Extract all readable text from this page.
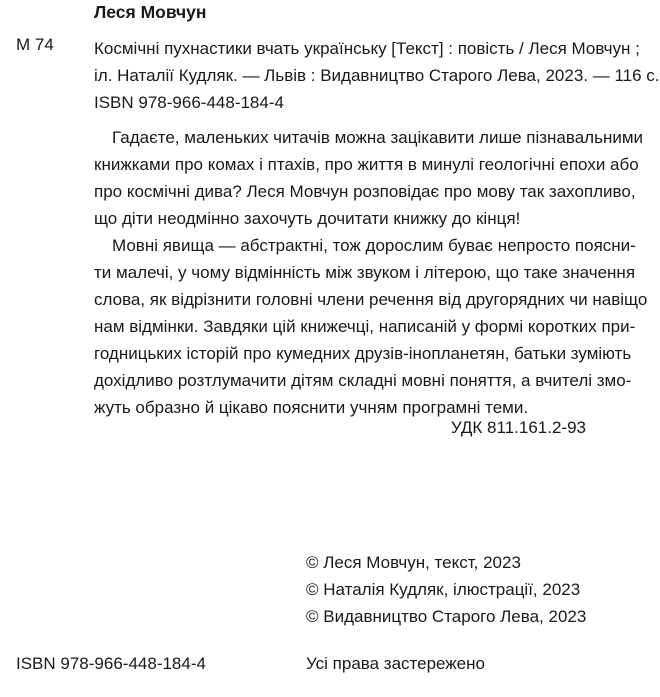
Леся Мовчун
М 74 Космічні пухнастики вчать українську [Текст] : повість / Леся Мовчун ;
іл. Наталії Кудляк. — Львів : Видавництво Старого Лева, 2023. — 116 с.
ISBN 978-966-448-184-4
Гадаєте, маленьких читачів можна зацікавити лише пізнавальними
книжками про комах і птахів, про життя в минулі геологічні епохи або
про космічні дива? Леся Мовчун розповідає про мову так захопливо,
що діти неодмінно захочуть дочитати книжку до кінця!
Мовні явища — абстрактні, тож дорослим буває непросто поясни-
ти малечі, у чому відмінність між звуком і літерою, що таке значення
слова, як відрізнити головні члени речення від другорядних чи навіщо
нам відмінки. Завдяки цій книжечці, написаній у формі коротких при-
годницьких історій про кумедних друзів-інопланетян, батьки зуміють
дохідливо розтлумачити дітям складні мовні поняття, а вчителі змо-
жуть образно й цікаво пояснити учням програмні теми.
УДК 811.161.2-93
© Леся Мовчун, текст, 2023
© Наталія Кудляк, ілюстрації, 2023
© Видавництво Старого Лева, 2023
ISBN 978-966-448-184-4	Усі права застережено
